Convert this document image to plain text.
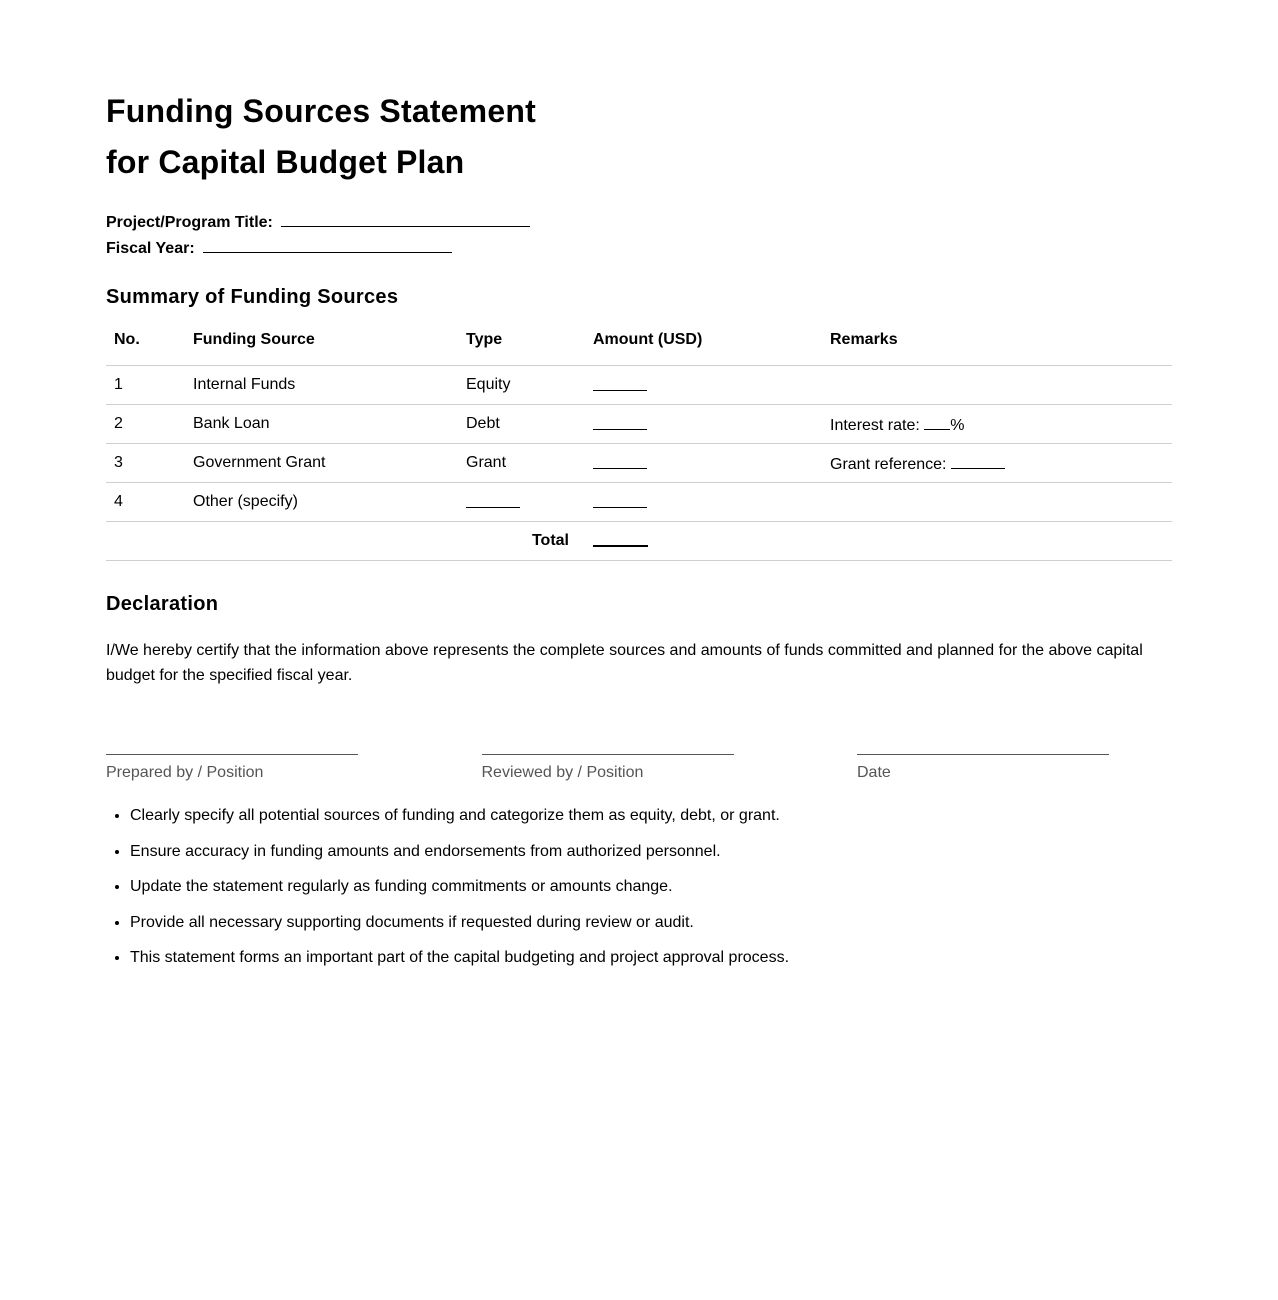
Funding Sources Statement
for Capital Budget Plan
Project/Program Title:
Fiscal Year:
Summary of Funding Sources
No.	Funding Source	Type	Amount (USD)	Remarks
1	Internal Funds	Equity		
2	Bank Loan	Debt		Interest rate: %
3	Government Grant	Grant		Grant reference:
4	Other (specify)			
Total				
Declaration

I/We hereby certify that the information above represents the complete sources and amounts of funds committed and planned for the above capital budget for the specified fiscal year.

Prepared by / Position	Reviewed by / Position	Date
• Clearly specify all potential sources of funding and categorize them as equity, debt, or grant.
• Ensure accuracy in funding amounts and endorsements from authorized personnel.
• Update the statement regularly as funding commitments or amounts change.
• Provide all necessary supporting documents if requested during review or audit.
• This statement forms an important part of the capital budgeting and project approval process.
